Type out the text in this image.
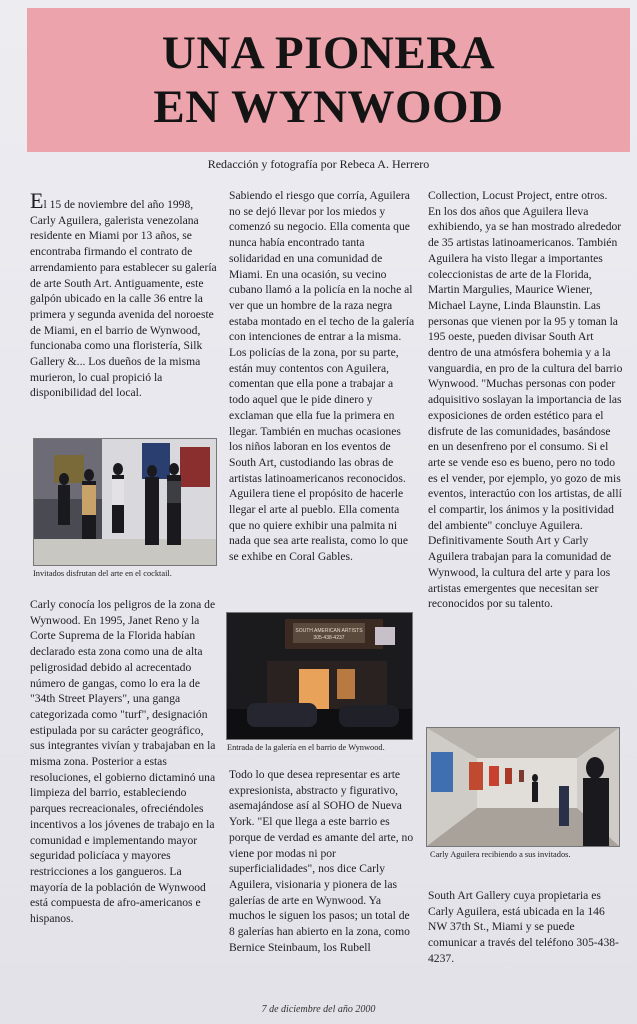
UNA PIONERA
EN WYNWOOD
Redacción y fotografía por Rebeca A. Herrero

El 15 de noviembre del año 1998, Carly Aguilera, galerista venezolana residente en Miami por 13 años, se encontraba firmando el contrato de arrendamiento para establecer su galería de arte South Art. Antiguamente, este galpón ubicado en la calle 36 entre la primera y segunda avenida del noroeste de Miami, en el barrio de Wynwood, funcionaba como una floristería, Silk Gallery &... Los dueños de la misma murieron, lo cual propició la disponibilidad del local.

Invitados disfrutan del arte en el cocktail.

Carly conocía los peligros de la zona de Wynwood. En 1995, Janet Reno y la Corte Suprema de la Florida habían declarado esta zona como una de alta peligrosidad debido al acrecentado número de gangas, como lo era la de "34th Street Players", una ganga categorizada como "turf", designación estipulada por su carácter geográfico, sus integrantes vivían y trabajaban en la misma zona. Posterior a estas resoluciones, el gobierno dictaminó una limpieza del barrio, estableciendo parques recreacionales, ofreciéndoles incentivos a los jóvenes de trabajo en la comunidad e implementando mayor seguridad policíaca y mayores restricciones a los gangueros. La mayoría de la población de Wynwood está compuesta de afro-americanos e hispanos.

Sabiendo el riesgo que corría, Aguilera no se dejó llevar por los miedos y comenzó su negocio. Ella comenta que nunca había encontrado tanta solidaridad en una comunidad de Miami. En una ocasión, su vecino cubano llamó a la policía en la noche al ver que un hombre de la raza negra estaba montado en el techo de la galería con intenciones de entrar a la misma. Los policías de la zona, por su parte, están muy contentos con Aguilera, comentan que ella pone a trabajar a todo aquel que le pide dinero y exclaman que ella fue la primera en llegar. También en muchas ocasiones los niños laboran en los eventos de South Art, custodiando las obras de artistas latinoamericanos reconocidos. Aguilera tiene el propósito de hacerle llegar el arte al pueblo. Ella comenta que no quiere exhibir una palmita ni nada que sea arte realista, como lo que se exhibe en Coral Gables.

SOUTH AMERICAN ARTISTS
305-438-4237
Entrada de la galería en el barrio de Wynwood.

Todo lo que desea representar es arte expresionista, abstracto y figurativo, asemajándose así al SOHO de Nueva York. "El que llega a este barrio es porque de verdad es amante del arte, no viene por modas ni por superficialidades", nos dice Carly Aguilera, visionaria y pionera de las galerías de arte en Wynwood. Ya muchos le siguen los pasos; un total de 8 galerías han abierto en la zona, como Bernice Steinbaum, los Rubell

Collection, Locust Project, entre otros.

En los dos años que Aguilera lleva exhibiendo, ya se han mostrado alrededor de 35 artistas latinoamericanos. También Aguilera ha visto llegar a importantes coleccionistas de arte de la Florida, Martin Margulies, Maurice Wiener, Michael Layne, Linda Blaunstin. Las personas que vienen por la 95 y toman la 195 oeste, pueden divisar South Art dentro de una atmósfera bohemia y a la vanguardia, en pro de la cultura del barrio Wynwood. "Muchas personas con poder adquisitivo soslayan la importancia de las exposiciones de orden estético para el disfrute de las comunidades, basándose en un desenfreno por el consumo. Si el arte se vende eso es bueno, pero no todo es el vender, por ejemplo, yo gozo de mis eventos, interactúo con los artistas, de allí el compartir, los ánimos y la positividad del ambiente" concluye Aguilera. Definitivamente South Art y Carly Aguilera trabajan para la comunidad de Wynwood, la cultura del arte y para los artistas emergentes que necesitan ser reconocidos por su talento.

Carly Aguilera recibiendo a sus invitados.

South Art Gallery cuya propietaria es Carly Aguilera, está ubicada en la 146 NW 37th St., Miami y se puede comunicar a través del teléfono 305-438-4237.

7 de diciembre del año 2000
